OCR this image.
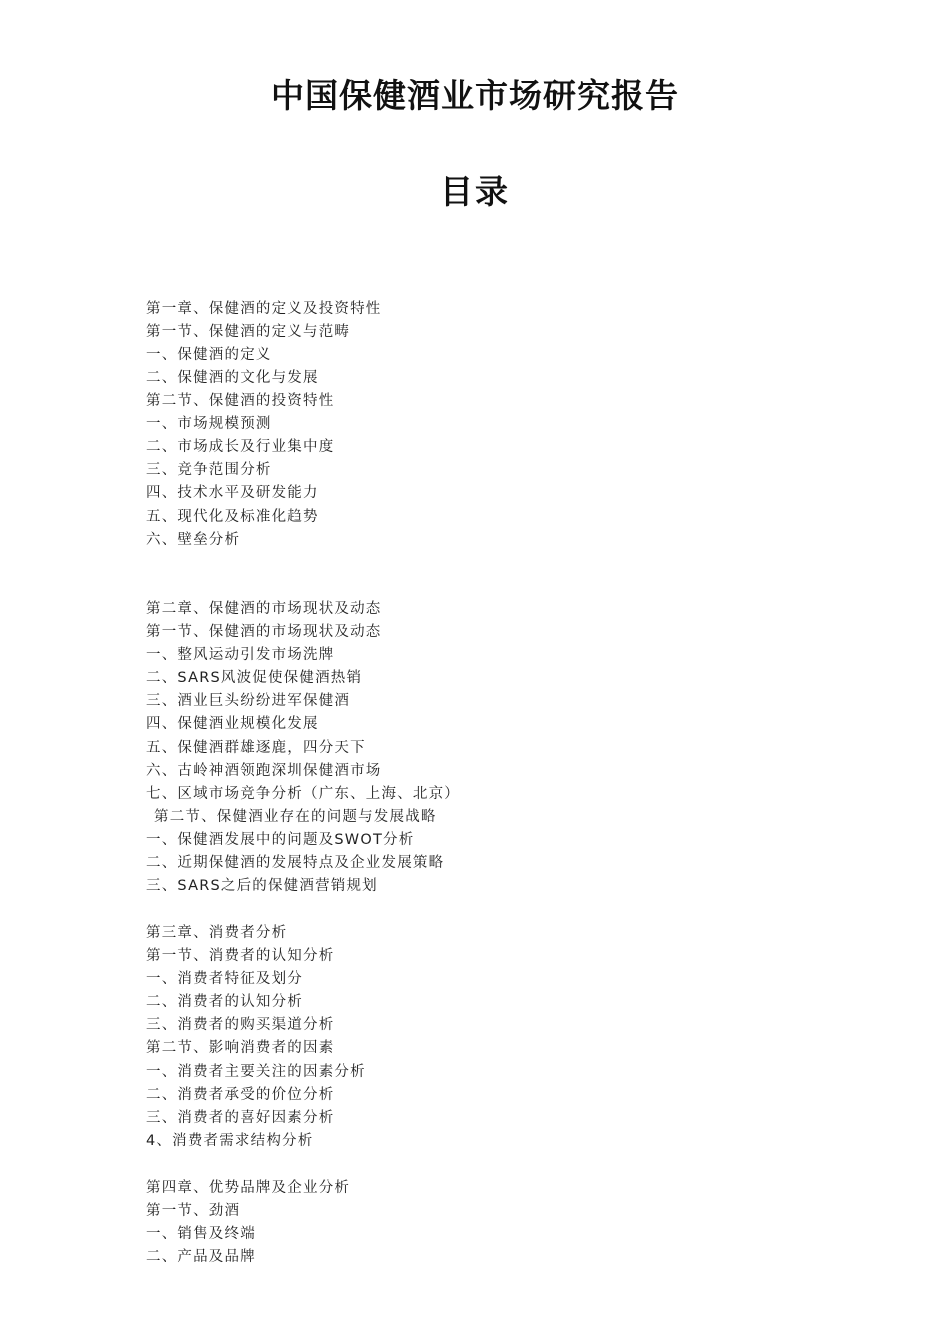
中国保健酒业市场研究报告
目录
第一章、保健酒的定义及投资特性
第一节、保健酒的定义与范畴
一、保健酒的定义
二、保健酒的文化与发展
第二节、保健酒的投资特性
一、市场规模预测
二、市场成长及行业集中度
三、竞争范围分析
四、技术水平及研发能力
五、现代化及标准化趋势
六、壁垒分析
第二章、保健酒的市场现状及动态
第一节、保健酒的市场现状及动态
一、整风运动引发市场洗牌
二、SARS风波促使保健酒热销
三、酒业巨头纷纷进军保健酒
四、保健酒业规模化发展
五、保健酒群雄逐鹿，四分天下
六、古岭神酒领跑深圳保健酒市场
七、区域市场竞争分析（广东、上海、北京）
第二节、保健酒业存在的问题与发展战略
一、保健酒发展中的问题及SWOT分析
二、近期保健酒的发展特点及企业发展策略
三、SARS之后的保健酒营销规划
第三章、消费者分析
第一节、消费者的认知分析
一、消费者特征及划分
二、消费者的认知分析
三、消费者的购买渠道分析
第二节、影响消费者的因素
一、消费者主要关注的因素分析
二、消费者承受的价位分析
三、消费者的喜好因素分析
4、消费者需求结构分析
第四章、优势品牌及企业分析
第一节、劲酒
一、销售及终端
二、产品及品牌
